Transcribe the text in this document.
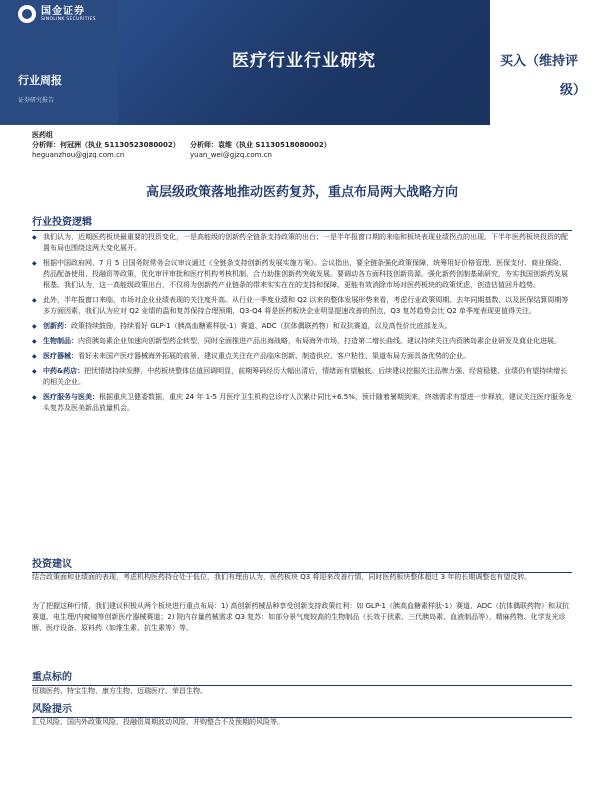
国金证券
SINOLINK SECURITIES
行业周报
证券研究报告
医疗行业行业研究	买入（维持评
级）
医药组
分析师：何冠洲（执业 S1130523080002）	分析师：袁维（执业 S1130518080002）
heguanzhou@gjzq.com.cn	yuan_wei@gjzq.com.cn
高层级政策落地推动医药复苏，重点布局两大战略方向
行业投资逻辑
◆ 我们认为，近期医药板块最重要的投资变化，一是高能级的创新药全链条支持政策的出台；一是半年报窗口期的来临和板块表现业绩拐点的出现。下半年医药板块投资的配置布局也围绕这两大变化展开。
◆ 根据中国政府网，7 月 5 日国务院常务会议审议通过《全链条支持创新药发展实施方案》。会议指出，要全链条强化政策保障，统筹用好价格管理、医保支付、商业保险、药品配备使用、投融资等政策，优化审评审批和医疗机构考核机制，合力助推创新药突破发展。要调动各方面科技创新资源，强化新药创制基础研究，夯实我国创新药发展根基。我们认为，这一高能级政策出台，不仅将为创新药产业链条的带来实实在在的支持和保障，更能有效消除市场对医药板块的政策忧虑，创造估值回升趋势。
◆ 此外，半年报窗口来临，市场对企业业绩表现的关注度升高。从行业一季度业绩和 Q2 以来的整体发展形势来看，考虑行业政策周期、去年同期基数、以及医保结算周期等多方面因素，我们认为应对 Q2 业绩的温和复苏保持合理预期，Q3-Q4 将是医药板块企业明显提速改善的拐点，Q3 复苏趋势会比 Q2 单季度表现更值得关注。
◆ 创新药：政策持续鼓励，持续看好 GLP-1（胰高血糖素样肽-1）赛道、ADC（抗体偶联药物）和双抗赛道，以及高性价比底部龙头。
◆ 生物制品：内资胰岛素企业加速向创新型药企转型，同时全面推进产品出海战略，布局海外市场，打造第二增长曲线。建议持续关注内资胰岛素企业研发及商业化进展。
◆ 医疗器械：看好未来国产医疗器械海外拓展的前景，建议重点关注在产品临床创新、制造供应、客户粘性、渠道布局方面具备优势的企业。
◆ 中药&药店：把忧情绪持续发酵，中药板块整体估值回调明显，前期筹码经历大幅出清后，情绪面有望触底。后续建议挖掘关注品牌力强、经营稳健、业绩仍有望持续增长的相关企业。
◆ 医疗服务与医美：根据重庆卫健委数据，重庆 24 年 1-5 月医疗卫生机构总诊疗人次累计同比+6.5%，预计随着暑期到来，终端需求有望进一步释放，建议关注医疗服务龙头复苏及医美新品放量机会。
投资建议
结合政策面和业绩面的表现，考虑机构医药持仓处于低位，我们有理由认为，医药板块 Q3 将迎来改善行情，同时医药板块整体超过 3 年的长期调整也有望反转。
为了把握这种行情，我们建议积极从两个板块进行重点布局：1) 高创新药械品种享受创新支持政策红利：如 GLP-1（胰高血糖素样肽-1）赛道、ADC（抗体偶联药物）和双抗赛道、电生理/内窥镜等创新医疗器械赛道；2) 院内存量药械需求 Q3 复苏：如部分景气度较高的生物制品（长效干扰素、三代胰岛素、血液制品等）、精麻药物、化学发光诊断、医疗设备、原料药（如维生素、抗生素等）等。
重点标的
恒瑞医药、特宝生物、康方生物、迈瑞医疗、荣昌生物。
风险提示
汇兑风险、国内外政策风险、投融资周期波动风险、并购整合不及预期的风险等。
